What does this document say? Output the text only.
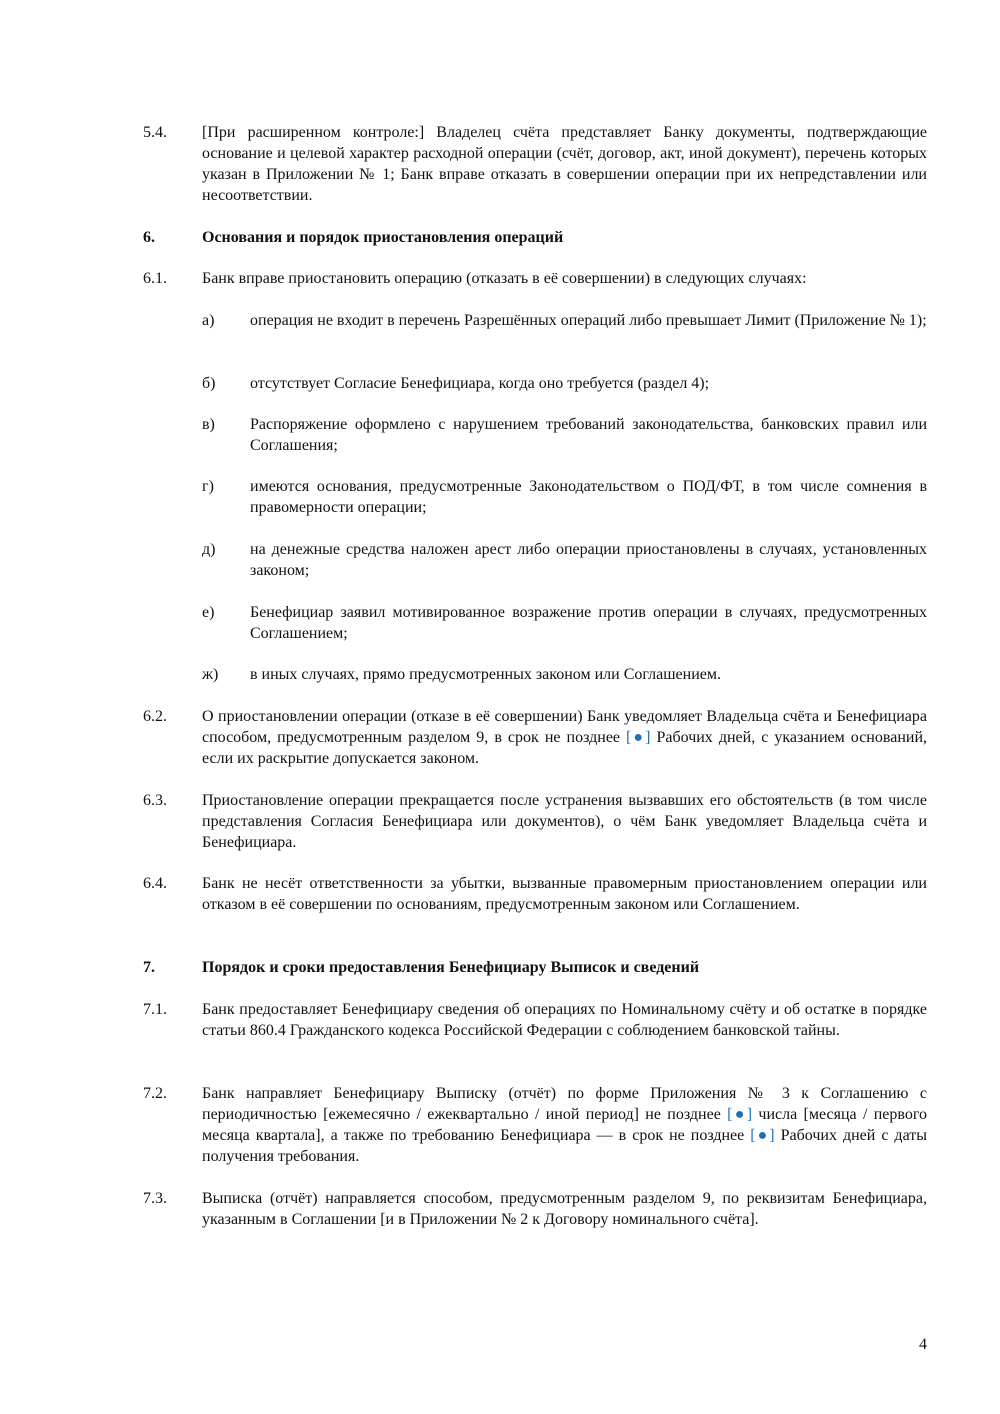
5.4.	[При расширенном контроле:] Владелец счёта представляет Банку документы, подтверждающие основание и целевой характер расходной операции (счёт, договор, акт, иной документ), перечень которых указан в Приложении № 1; Банк вправе отказать в совершении операции при их непредставлении или несоответствии.
6.	Основания и порядок приостановления операций
6.1.	Банк вправе приостановить операцию (отказать в её совершении) в следующих случаях:
а)	операция не входит в перечень Разрешённых операций либо превышает Лимит (Приложение № 1);
б)	отсутствует Согласие Бенефициара, когда оно требуется (раздел 4);
в)	Распоряжение оформлено с нарушением требований законодательства, банковских правил или Соглашения;
г)	имеются основания, предусмотренные Законодательством о ПОД/ФТ, в том числе сомнения в правомерности операции;
д)	на денежные средства наложен арест либо операции приостановлены в случаях, установленных законом;
е)	Бенефициар заявил мотивированное возражение против операции в случаях, предусмотренных Соглашением;
ж)	в иных случаях, прямо предусмотренных законом или Соглашением.
6.2.	О приостановлении операции (отказе в её совершении) Банк уведомляет Владельца счёта и Бенефициара способом, предусмотренным разделом 9, в срок не позднее [●] Рабочих дней, с указанием оснований, если их раскрытие допускается законом.
6.3.	Приостановление операции прекращается после устранения вызвавших его обстоятельств (в том числе представления Согласия Бенефициара или документов), о чём Банк уведомляет Владельца счёта и Бенефициара.
6.4.	Банк не несёт ответственности за убытки, вызванные правомерным приостановлением операции или отказом в её совершении по основаниям, предусмотренным законом или Соглашением.
7.	Порядок и сроки предоставления Бенефициару Выписок и сведений
7.1.	Банк предоставляет Бенефициару сведения об операциях по Номинальному счёту и об остатке в порядке статьи 860.4 Гражданского кодекса Российской Федерации с соблюдением банковской тайны.
7.2.	Банк направляет Бенефициару Выписку (отчёт) по форме Приложения № 3 к Соглашению с периодичностью [ежемесячно / ежеквартально / иной период] не позднее [●] числа [месяца / первого месяца квартала], а также по требованию Бенефициара — в срок не позднее [●] Рабочих дней с даты получения требования.
7.3.	Выписка (отчёт) направляется способом, предусмотренным разделом 9, по реквизитам Бенефициара, указанным в Соглашении [и в Приложении № 2 к Договору номинального счёта].
4
